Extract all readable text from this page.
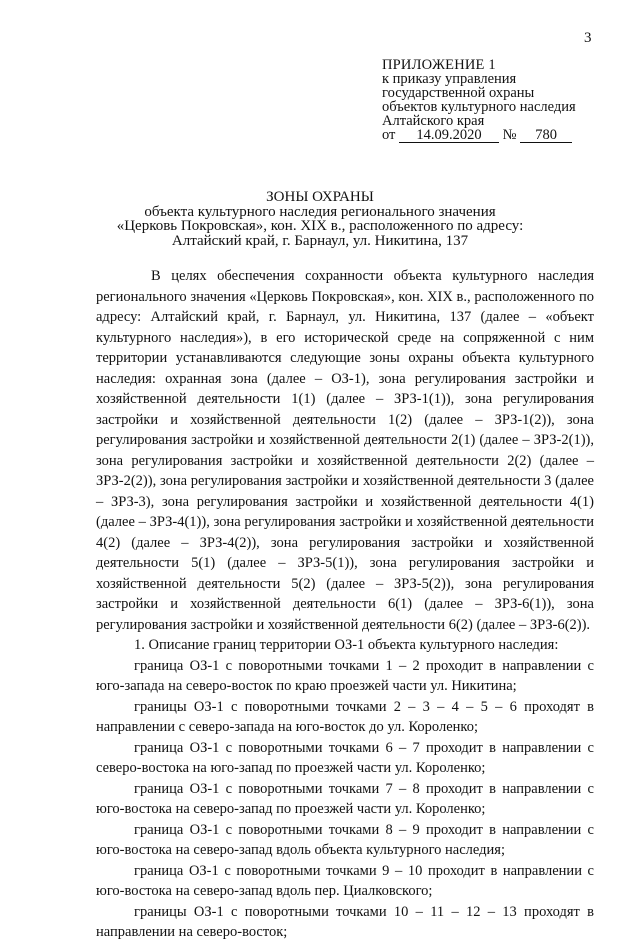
3
ПРИЛОЖЕНИЕ 1
к приказу управления
государственной охраны
объектов культурного наследия
Алтайского края
от 14.09.2020 № 780
ЗОНЫ ОХРАНЫ
объекта культурного наследия регионального значения
«Церковь Покровская», кон. XIX в., расположенного по адресу:
Алтайский край, г. Барнаул, ул. Никитина, 137

В целях обеспечения сохранности объекта культурного наследия регионального значения «Церковь Покровская», кон. XIX в., расположенного по адресу: Алтайский край, г. Барнаул, ул. Никитина, 137 (далее – «объект культурного наследия»), в его исторической среде на сопряженной с ним территории устанавливаются следующие зоны охраны объекта культурного наследия: охранная зона (далее – ОЗ-1), зона регулирования застройки и хозяйственной деятельности 1(1) (далее – ЗРЗ-1(1)), зона регулирования застройки и хозяйственной деятельности 1(2) (далее – ЗРЗ-1(2)), зона регулирования застройки и хозяйственной деятельности 2(1) (далее – ЗРЗ-2(1)), зона регулирования застройки и хозяйственной деятельности 2(2) (далее – ЗРЗ-2(2)), зона регулирования застройки и хозяйственной деятельности 3 (далее – ЗРЗ-3), зона регулирования застройки и хозяйственной деятельности 4(1) (далее – ЗРЗ-4(1)), зона регулирования застройки и хозяйственной деятельности 4(2) (далее – ЗРЗ-4(2)), зона регулирования застройки и хозяйственной деятельности 5(1) (далее – ЗРЗ-5(1)), зона регулирования застройки и хозяйственной деятельности 5(2) (далее – ЗРЗ-5(2)), зона регулирования застройки и хозяйственной деятельности 6(1) (далее – ЗРЗ-6(1)), зона регулирования застройки и хозяйственной деятельности 6(2) (далее – ЗРЗ-6(2)).

1. Описание границ территории ОЗ-1 объекта культурного наследия:

граница ОЗ-1 с поворотными точками 1 – 2 проходит в направлении с юго-запада на северо-восток по краю проезжей части ул. Никитина;

границы ОЗ-1 с поворотными точками 2 – 3 – 4 – 5 – 6 проходят в направлении с северо-запада на юго-восток до ул. Короленко;

граница ОЗ-1 с поворотными точками 6 – 7 проходит в направлении с северо-востока на юго-запад по проезжей части ул. Короленко;

граница ОЗ-1 с поворотными точками 7 – 8 проходит в направлении с юго-востока на северо-запад по проезжей части ул. Короленко;

граница ОЗ-1 с поворотными точками 8 – 9 проходит в направлении с юго-востока на северо-запад вдоль объекта культурного наследия;

граница ОЗ-1 с поворотными точками 9 – 10 проходит в направлении с юго-востока на северо-запад вдоль пер. Циалковского;

границы ОЗ-1 с поворотными точками 10 – 11 – 12 – 13 проходят в направлении на северо-восток;
